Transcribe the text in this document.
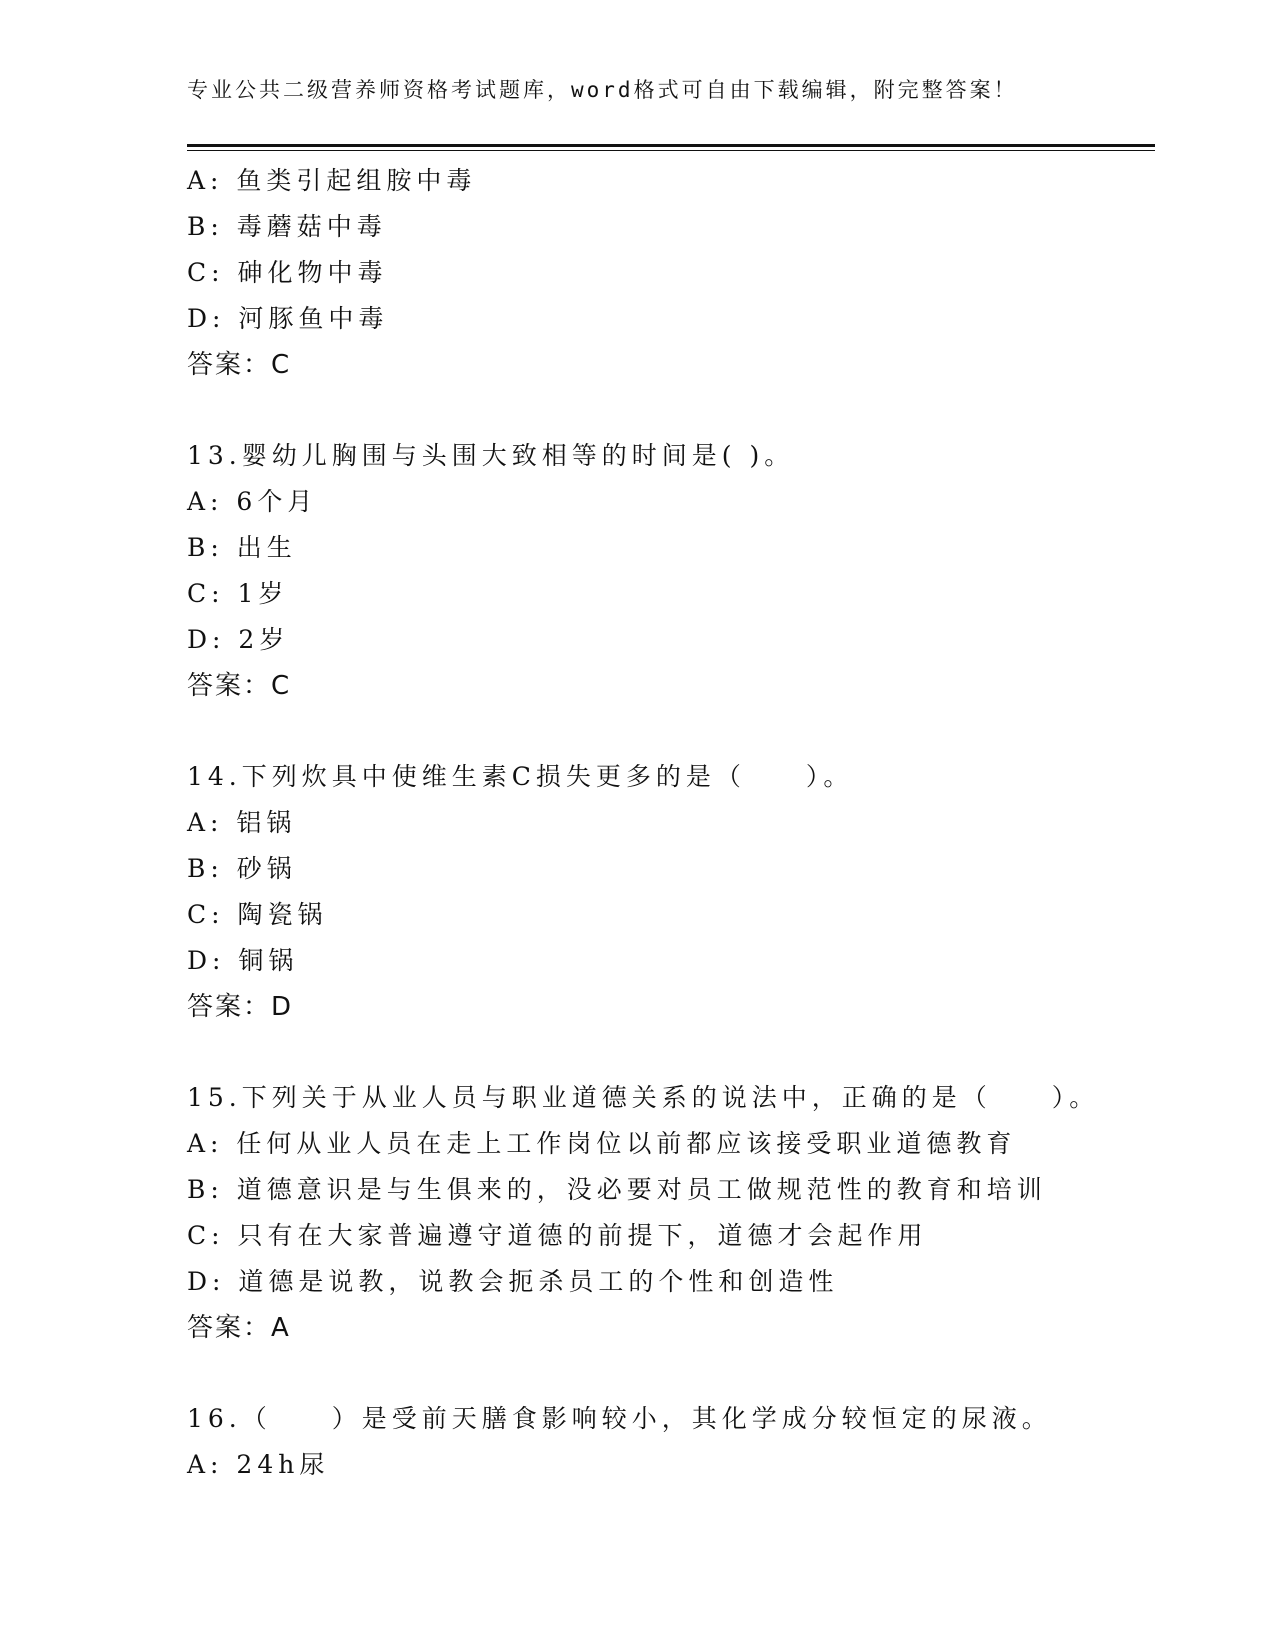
专业公共二级营养师资格考试题库，word格式可自由下载编辑，附完整答案！
A: 鱼类引起组胺中毒
B: 毒蘑菇中毒
C: 砷化物中毒
D: 河豚鱼中毒
答案：C
13.婴幼儿胸围与头围大致相等的时间是( )。
A: 6个月
B: 出生
C: 1岁
D: 2岁
答案：C
14.下列炊具中使维生素C损失更多的是（　　）。
A: 铝锅
B: 砂锅
C: 陶瓷锅
D: 铜锅
答案：D
15.下列关于从业人员与职业道德关系的说法中，正确的是（　　）。
A: 任何从业人员在走上工作岗位以前都应该接受职业道德教育
B: 道德意识是与生俱来的，没必要对员工做规范性的教育和培训
C: 只有在大家普遍遵守道德的前提下，道德才会起作用
D: 道德是说教，说教会扼杀员工的个性和创造性
答案：A
16.（　　）是受前天膳食影响较小，其化学成分较恒定的尿液。
A: 24h尿
